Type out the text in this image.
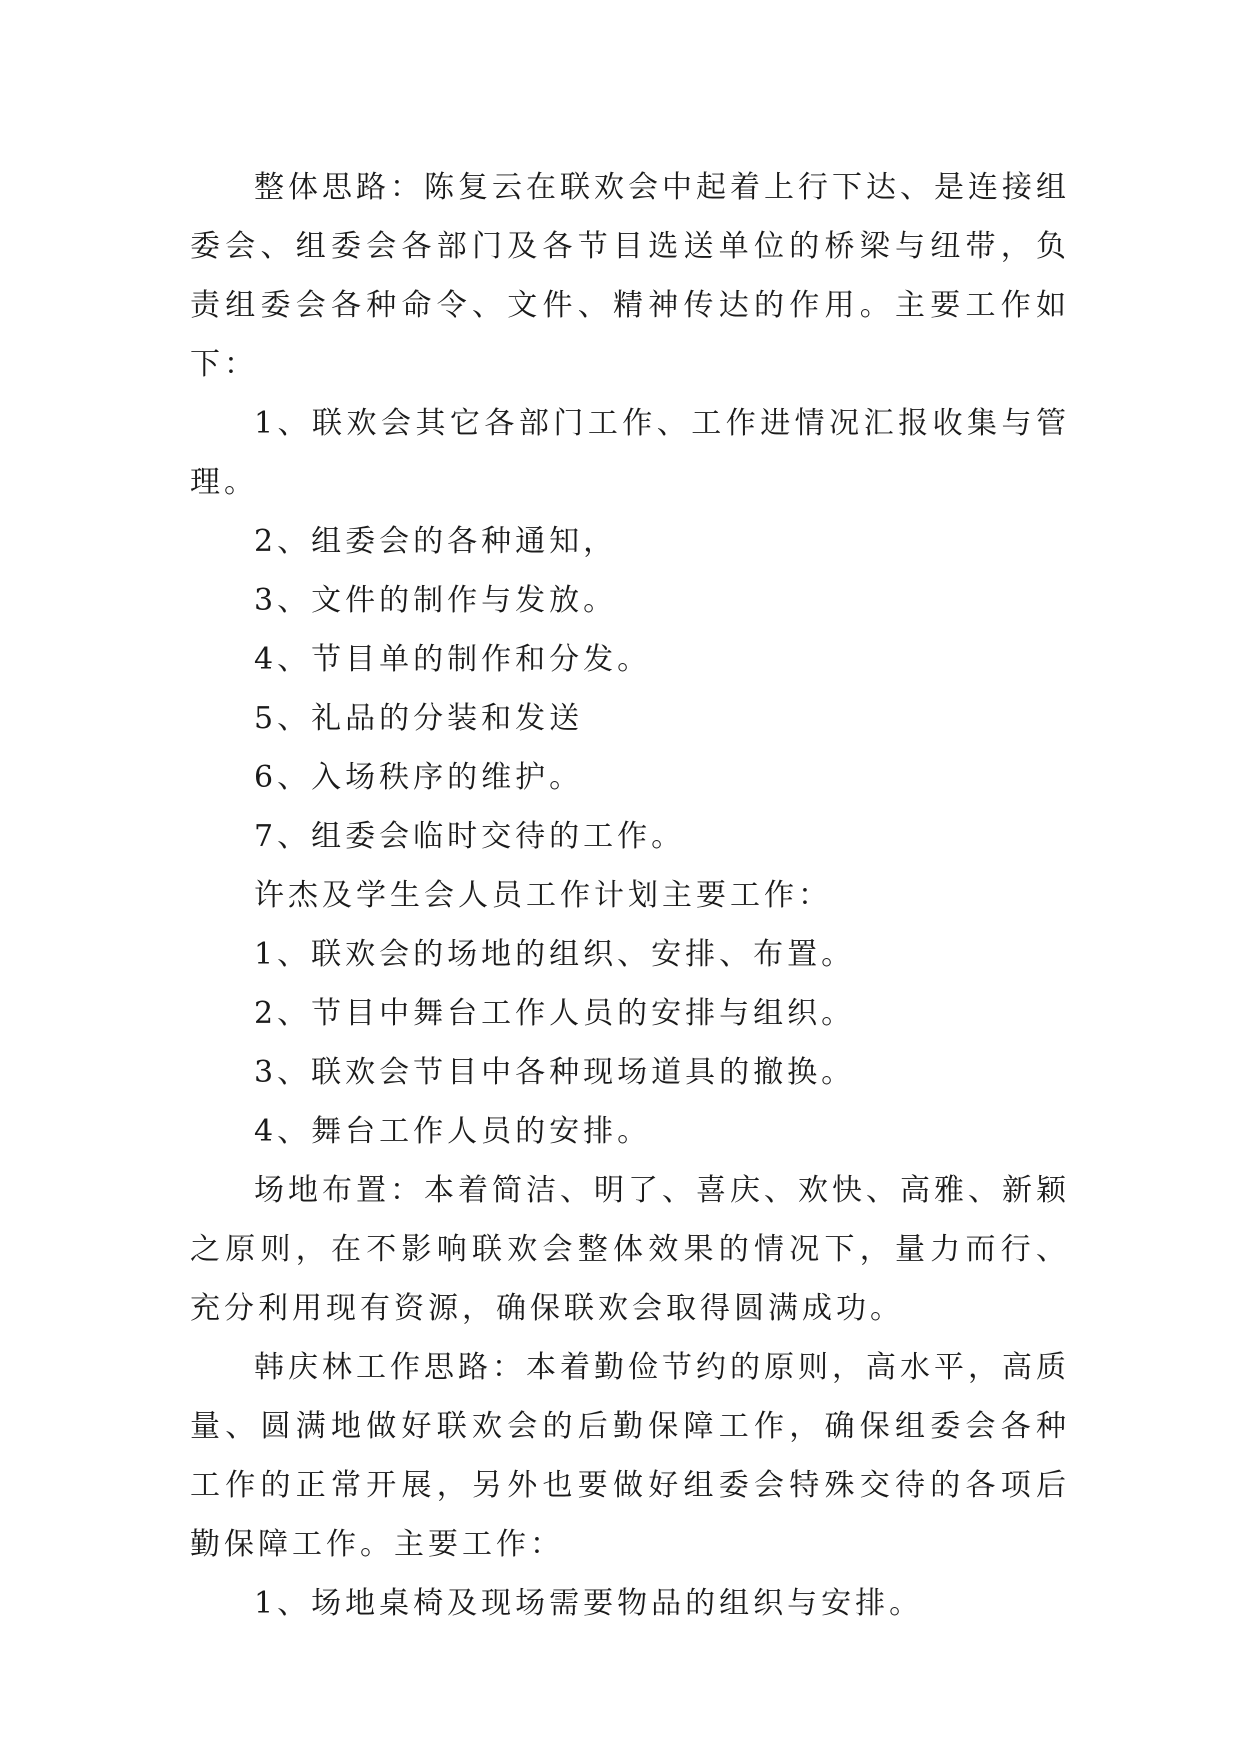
整体思路：陈复云在联欢会中起着上行下达、是连接组委会、组委会各部门及各节目选送单位的桥梁与纽带，负责组委会各种命令、文件、精神传达的作用。主要工作如下：

1、联欢会其它各部门工作、工作进情况汇报收集与管理。

2、组委会的各种通知，

3、文件的制作与发放。

4、节目单的制作和分发。

5、礼品的分装和发送

6、入场秩序的维护。

7、组委会临时交待的工作。

许杰及学生会人员工作计划主要工作：

1、联欢会的场地的组织、安排、布置。

2、节目中舞台工作人员的安排与组织。

3、联欢会节目中各种现场道具的撤换。

4、舞台工作人员的安排。

场地布置：本着简洁、明了、喜庆、欢快、高雅、新颖之原则，在不影响联欢会整体效果的情况下，量力而行、充分利用现有资源，确保联欢会取得圆满成功。

韩庆林工作思路：本着勤俭节约的原则，高水平，高质量、圆满地做好联欢会的后勤保障工作，确保组委会各种工作的正常开展，另外也要做好组委会特殊交待的各项后勤保障工作。主要工作：

1、场地桌椅及现场需要物品的组织与安排。
